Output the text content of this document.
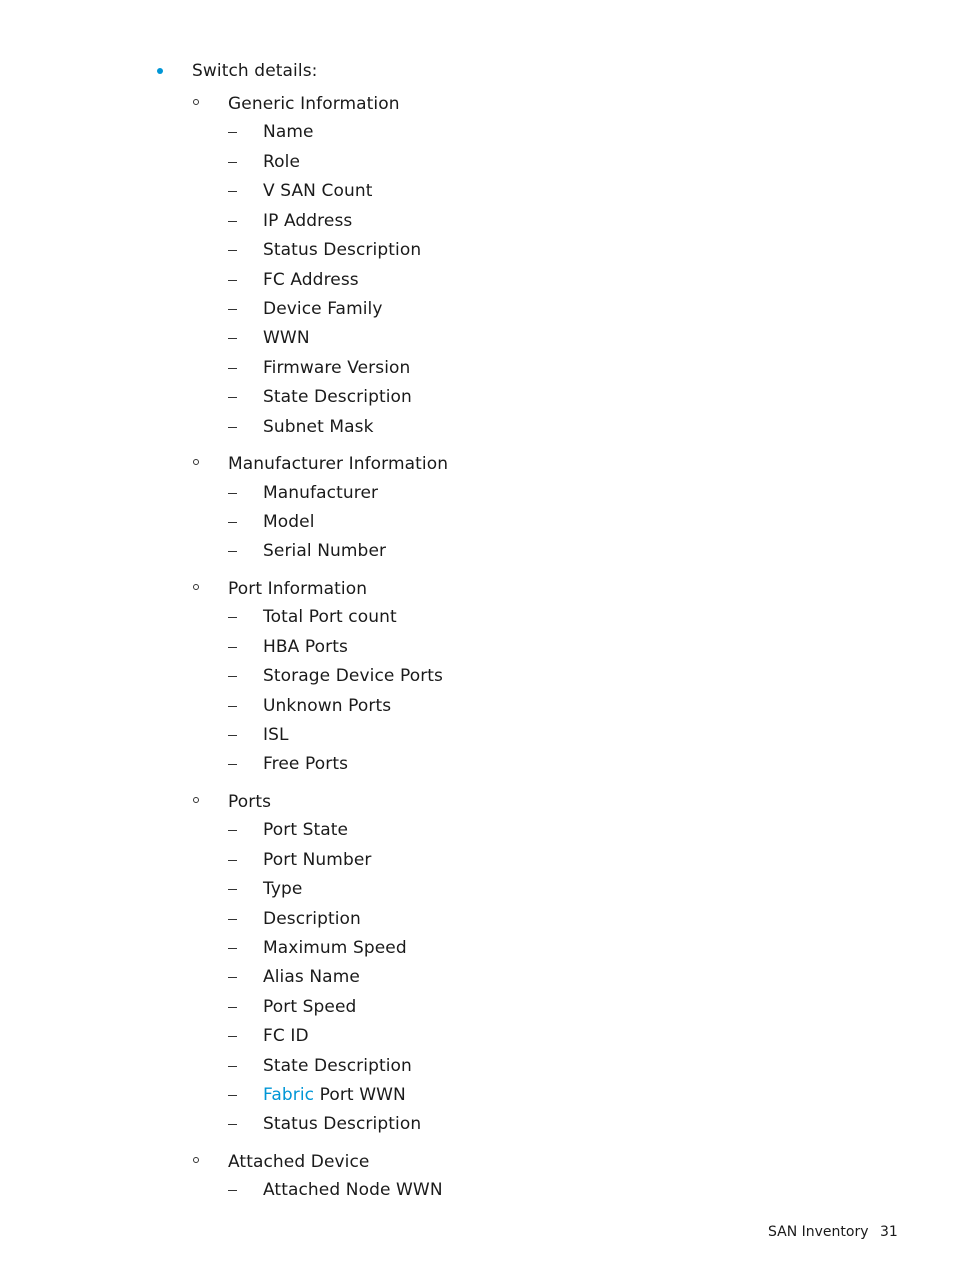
Switch details:
Generic Information
Name
Role
V SAN Count
IP Address
Status Description
FC Address
Device Family
WWN
Firmware Version
State Description
Subnet Mask
Manufacturer Information
Manufacturer
Model
Serial Number
Port Information
Total Port count
HBA Ports
Storage Device Ports
Unknown Ports
ISL
Free Ports
Ports
Port State
Port Number
Type
Description
Maximum Speed
Alias Name
Port Speed
FC ID
State Description
Fabric Port WWN
Status Description
Attached Device
Attached Node WWN
SAN Inventory 31
